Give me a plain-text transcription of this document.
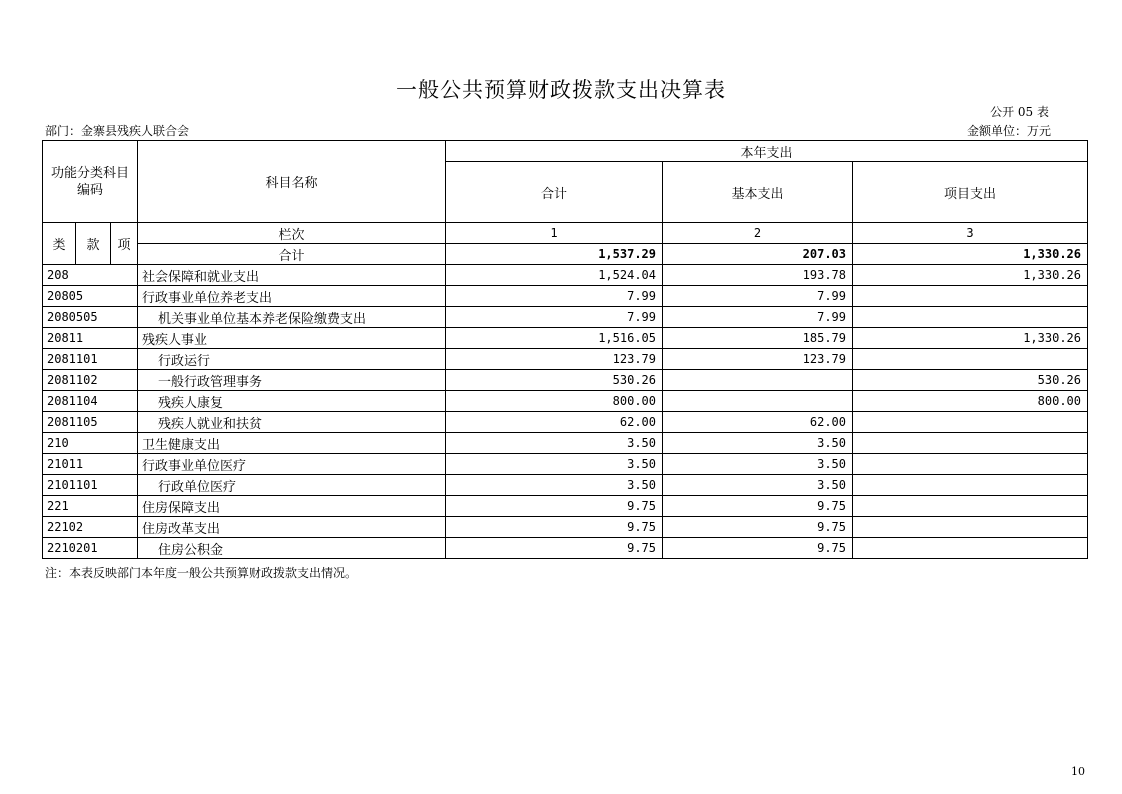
一般公共预算财政拨款支出决算表
公开 05 表
部门：金寨县残疾人联合会	金额单位：万元
功能分类科目编码			科目名称	本年支出		
				合计	基本支出	项目支出
类	款	项	栏次	1	2	3
			合计	1,537.29	207.03	1,330.26
208			社会保障和就业支出	1,524.04	193.78	1,330.26
20805			行政事业单位养老支出	7.99	7.99	
2080505			机关事业单位基本养老保险缴费支出	7.99	7.99	
20811			残疾人事业	1,516.05	185.79	1,330.26
2081101			行政运行	123.79	123.79	
2081102			一般行政管理事务	530.26		530.26
2081104			残疾人康复	800.00		800.00
2081105			残疾人就业和扶贫	62.00	62.00	
210			卫生健康支出	3.50	3.50	
21011			行政事业单位医疗	3.50	3.50	
2101101			行政单位医疗	3.50	3.50	
221			住房保障支出	9.75	9.75	
22102			住房改革支出	9.75	9.75	
2210201			住房公积金	9.75	9.75	
注：本表反映部门本年度一般公共预算财政拨款支出情况。
10
